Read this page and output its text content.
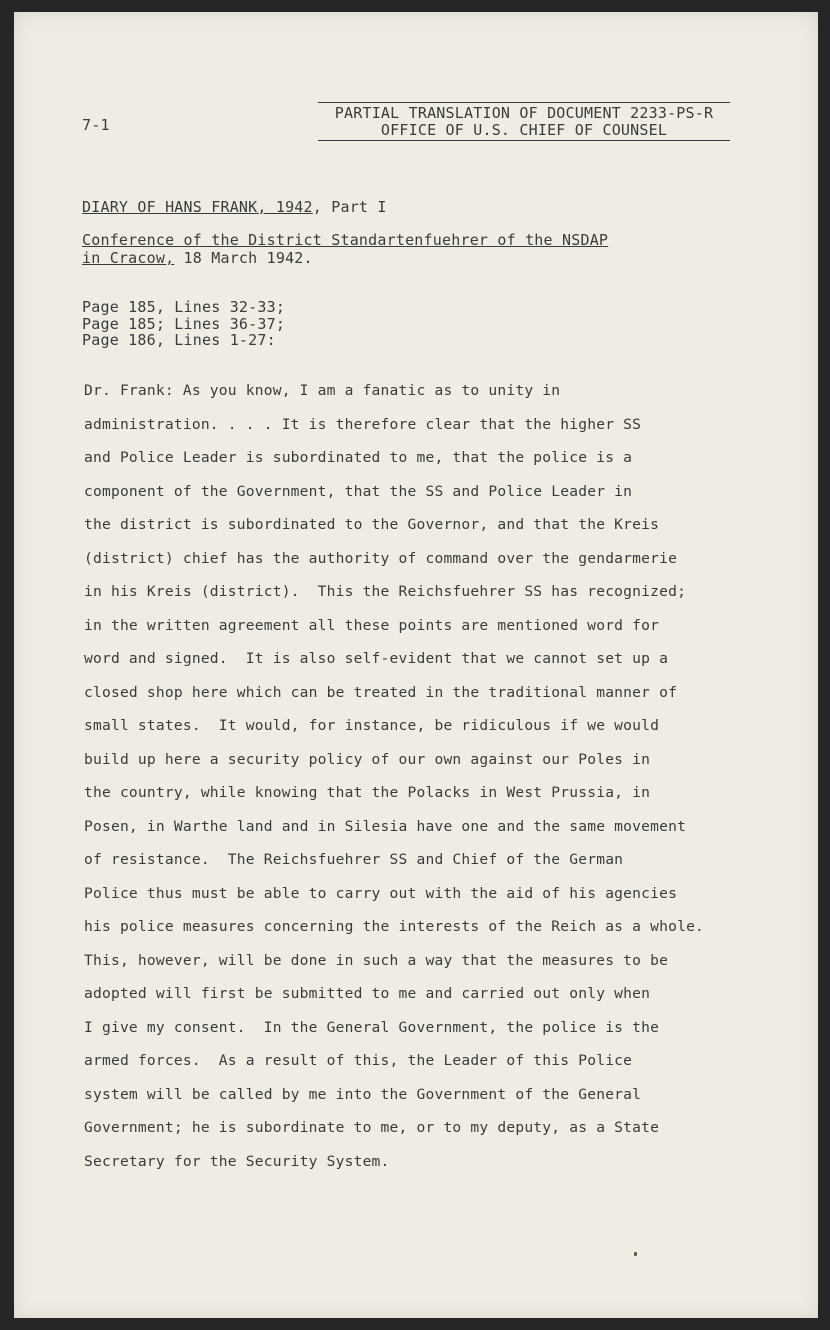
7-1
PARTIAL TRANSLATION OF DOCUMENT 2233-PS-R
OFFICE OF U.S. CHIEF OF COUNSEL
DIARY OF HANS FRANK, 1942, Part I
Conference of the District Standartenfuehrer of the NSDAP
in Cracow, 18 March 1942.
Page 185, Lines 32-33;
Page 185; Lines 36-37;
Page 186, Lines 1-27:
Dr. Frank: As you know, I am a fanatic as to unity in
administration. . . . It is therefore clear that the higher SS
and Police Leader is subordinated to me, that the police is a
component of the Government, that the SS and Police Leader in
the district is subordinated to the Governor, and that the Kreis
(district) chief has the authority of command over the gendarmerie
in his Kreis (district).  This the Reichsfuehrer SS has recognized;
in the written agreement all these points are mentioned word for
word and signed.  It is also self-evident that we cannot set up a
closed shop here which can be treated in the traditional manner of
small states.  It would, for instance, be ridiculous if we would
build up here a security policy of our own against our Poles in
the country, while knowing that the Polacks in West Prussia, in
Posen, in Warthe land and in Silesia have one and the same movement
of resistance.  The Reichsfuehrer SS and Chief of the German
Police thus must be able to carry out with the aid of his agencies
his police measures concerning the interests of the Reich as a whole.
This, however, will be done in such a way that the measures to be
adopted will first be submitted to me and carried out only when
I give my consent.  In the General Government, the police is the
armed forces.  As a result of this, the Leader of this Police
system will be called by me into the Government of the General
Government; he is subordinate to me, or to my deputy, as a State
Secretary for the Security System.
